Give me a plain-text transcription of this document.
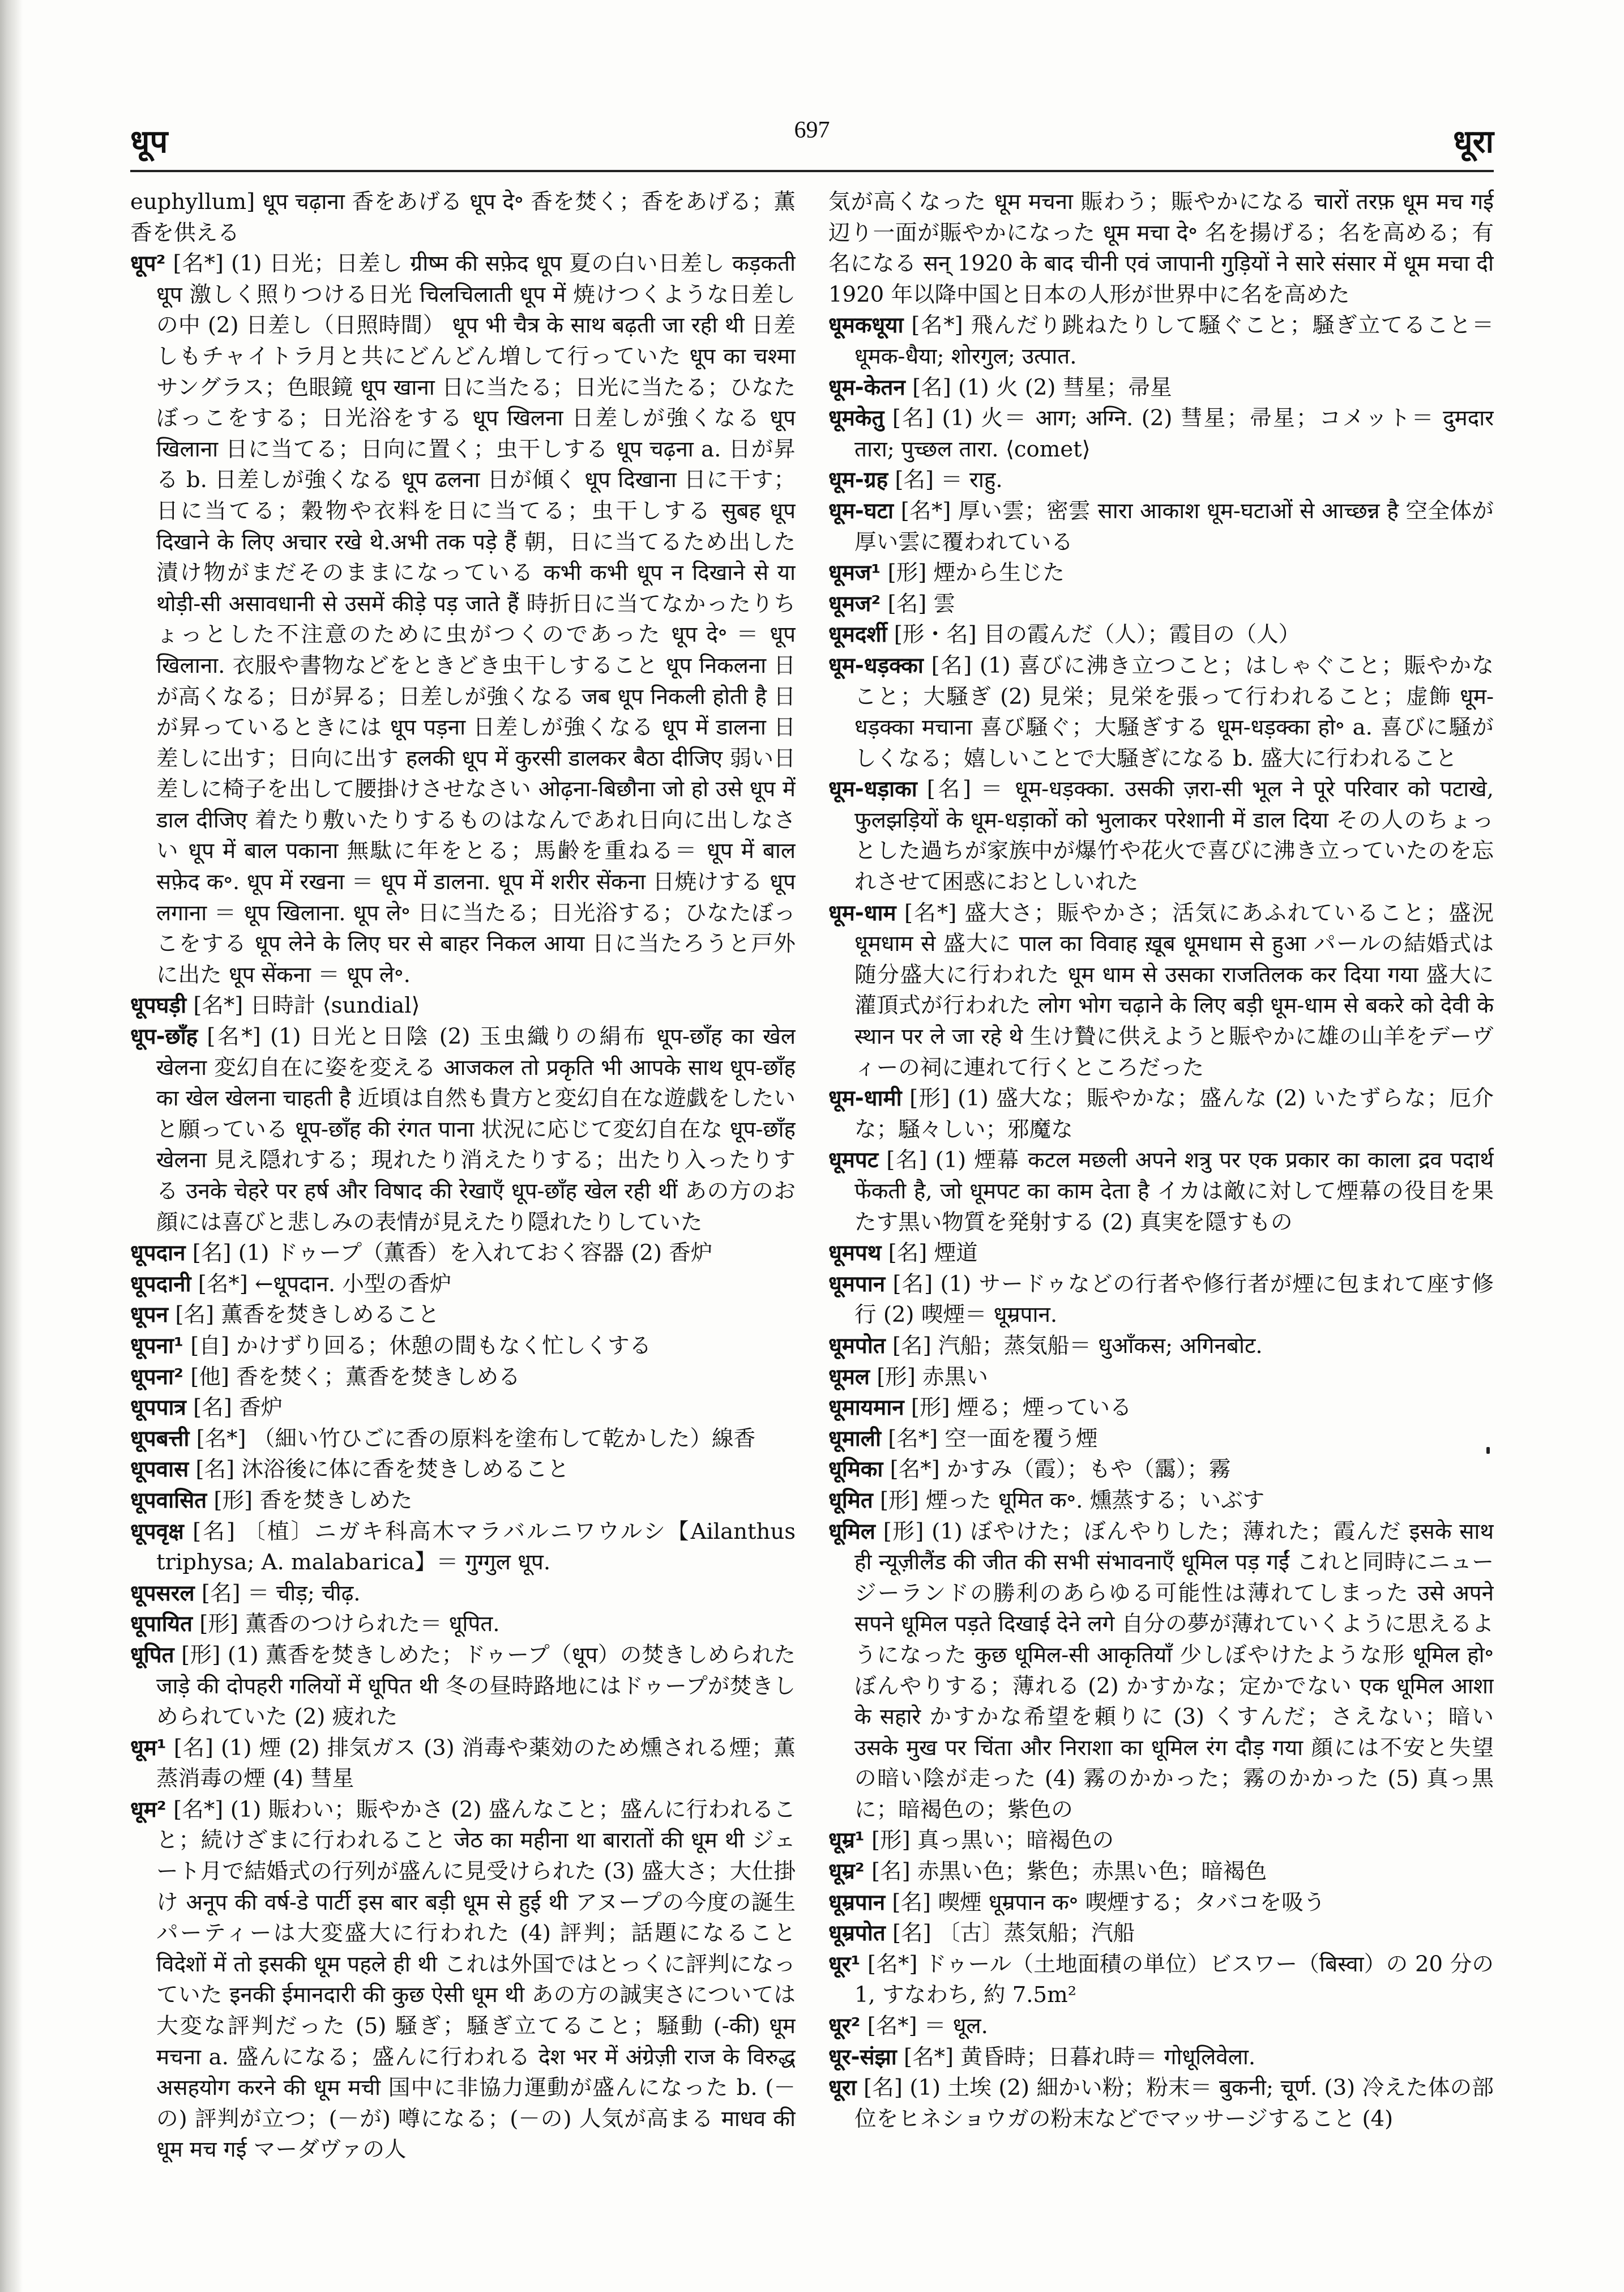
धूप	697	धूरा

euphyllum] धूप चढ़ाना 香をあげる धूप दे॰ 香を焚く；香をあげる；薫香を供える

धूप² [名*] (1) 日光；日差し ग्रीष्म की सफ़ेद धूप 夏の白い日差し कड़कती धूप 激しく照りつける日光 चिलचिलाती धूप में 焼けつくような日差しの中 (2) 日差し（日照時間） धूप भी चैत्र के साथ बढ़ती जा रही थी 日差しもチャイトラ月と共にどんどん増して行っていた धूप का चश्मा サングラス；色眼鏡 धूप खाना 日に当たる；日光に当たる；ひなたぼっこをする；日光浴をする धूप खिलना 日差しが強くなる धूप खिलाना 日に当てる；日向に置く；虫干しする धूप चढ़ना a. 日が昇る b. 日差しが強くなる धूप ढलना 日が傾く धूप दिखाना 日に干す；日に当てる；穀物や衣料を日に当てる；虫干しする सुबह धूप दिखाने के लिए अचार रखे थे.अभी तक पड़े हैं 朝，日に当てるため出した漬け物がまだそのままになっている कभी कभी धूप न दिखाने से या थोड़ी-सी असावधानी से उसमें कीड़े पड़ जाते हैं 時折日に当てなかったりちょっとした不注意のために虫がつくのであった धूप दे॰ ＝ धूप खिलाना. 衣服や書物などをときどき虫干しすること धूप निकलना 日が高くなる；日が昇る；日差しが強くなる जब धूप निकली होती है 日が昇っているときには धूप पड़ना 日差しが強くなる धूप में डालना 日差しに出す；日向に出す हलकी धूप में कुरसी डालकर बैठा दीजिए 弱い日差しに椅子を出して腰掛けさせなさい ओढ़ना-बिछौना जो हो उसे धूप में डाल दीजिए 着たり敷いたりするものはなんであれ日向に出しなさい धूप में बाल पकाना 無駄に年をとる；馬齢を重ねる＝ धूप में बाल सफ़ेद क॰. धूप में रखना ＝ धूप में डालना. धूप में शरीर सेंकना 日焼けする धूप लगाना ＝ धूप खिलाना. धूप ले॰ 日に当たる；日光浴する；ひなたぼっこをする धूप लेने के लिए घर से बाहर निकल आया 日に当たろうと戸外に出た धूप सेंकना ＝ धूप ले॰.

धूपघड़ी [名*] 日時計 ⟨sundial⟩

धूप-छाँह [名*] (1) 日光と日陰 (2) 玉虫織りの絹布 धूप-छाँह का खेल खेलना 変幻自在に姿を変える आजकल तो प्रकृति भी आपके साथ धूप-छाँह का खेल खेलना चाहती है 近頃は自然も貴方と変幻自在な遊戯をしたいと願っている धूप-छाँह की रंगत पाना 状況に応じて変幻自在な धूप-छाँह खेलना 見え隠れする；現れたり消えたりする；出たり入ったりする उनके चेहरे पर हर्ष और विषाद की रेखाएँ धूप-छाँह खेल रही थीं あの方のお顔には喜びと悲しみの表情が見えたり隠れたりしていた

धूपदान [名] (1) ドゥープ（薫香）を入れておく容器 (2) 香炉

धूपदानी [名*] ←धूपदान. 小型の香炉

धूपन [名] 薫香を焚きしめること

धूपना¹ [自] かけずり回る；休憩の間もなく忙しくする

धूपना² [他] 香を焚く；薫香を焚きしめる

धूपपात्र [名] 香炉

धूपबत्ती [名*] （細い竹ひごに香の原料を塗布して乾かした）線香

धूपवास [名] 沐浴後に体に香を焚きしめること

धूपवासित [形] 香を焚きしめた

धूपवृक्ष [名] 〔植〕ニガキ科高木マラバルニワウルシ【Ailanthus triphysa; A. malabarica】＝ गुग्गुल धूप.

धूपसरल [名] ＝ चीड़; चीढ़.

धूपायित [形] 薫香のつけられた＝ धूपित.

धूपित [形] (1) 薫香を焚きしめた；ドゥープ（धूप）の焚きしめられた जाड़े की दोपहरी गलियों में धूपित थी 冬の昼時路地にはドゥープが焚きしめられていた (2) 疲れた

धूम¹ [名] (1) 煙 (2) 排気ガス (3) 消毒や薬効のため燻される煙；薫蒸消毒の煙 (4) 彗星

धूम² [名*] (1) 賑わい；賑やかさ (2) 盛んなこと；盛んに行われること；続けざまに行われること जेठ का महीना था बारातों की धूम थी ジェート月で結婚式の行列が盛んに見受けられた (3) 盛大さ；大仕掛け अनूप की वर्ष-डे पार्टी इस बार बड़ी धूम से हुई थी アヌープの今度の誕生パーティーは大変盛大に行われた (4) 評判；話題になること विदेशों में तो इसकी धूम पहले ही थी これは外国ではとっくに評判になっていた इनकी ईमानदारी की कुछ ऐसी धूम थी あの方の誠実さについては大変な評判だった (5) 騒ぎ；騒ぎ立てること；騒動 (-की) धूम मचना a. 盛んになる；盛んに行われる देश भर में अंग्रेज़ी राज के विरुद्ध असहयोग करने की धूम मची 国中に非協力運動が盛んになった b. (－の) 評判が立つ；(－が) 噂になる；(－の) 人気が高まる माधव की धूम मच गई マーダヴァの人

気が高くなった धूम मचना 賑わう；賑やかになる चारों तरफ़ धूम मच गई 辺り一面が賑やかになった धूम मचा दे॰ 名を揚げる；名を高める；有名になる सन् 1920 के बाद चीनी एवं जापानी गुड़ियों ने सारे संसार में धूम मचा दी 1920 年以降中国と日本の人形が世界中に名を高めた

धूमकधूया [名*] 飛んだり跳ねたりして騒ぐこと；騒ぎ立てること＝ धूमक-धैया; शोरगुल; उत्पात.

धूम-केतन [名] (1) 火 (2) 彗星；帚星

धूमकेतु [名] (1) 火＝ आग; अग्नि. (2) 彗星；帚星；コメット＝ दुमदार तारा; पुच्छल तारा. ⟨comet⟩

धूम-ग्रह [名] ＝ राहु.

धूम-घटा [名*] 厚い雲；密雲 सारा आकाश धूम-घटाओं से आच्छन्न है 空全体が厚い雲に覆われている

धूमज¹ [形] 煙から生じた

धूमज² [名] 雲

धूमदर्शी [形・名] 目の霞んだ（人）；霞目の（人）

धूम-धड़क्का [名] (1) 喜びに沸き立つこと；はしゃぐこと；賑やかなこと；大騒ぎ (2) 見栄；見栄を張って行われること；虚飾 धूम-धड़क्का मचाना 喜び騒ぐ；大騒ぎする धूम-धड़क्का हो॰ a. 喜びに騒がしくなる；嬉しいことで大騒ぎになる b. 盛大に行われること

धूम-धड़ाका [名] ＝ धूम-धड़क्का. उसकी ज़रा-सी भूल ने पूरे परिवार को पटाखे, फुलझड़ियों के धूम-धड़ाकों को भुलाकर परेशानी में डाल दिया その人のちょっとした過ちが家族中が爆竹や花火で喜びに沸き立っていたのを忘れさせて困惑におとしいれた

धूम-धाम [名*] 盛大さ；賑やかさ；活気にあふれていること；盛況 धूमधाम से 盛大に पाल का विवाह ख़ूब धूमधाम से हुआ パールの結婚式は随分盛大に行われた धूम धाम से उसका राजतिलक कर दिया गया 盛大に灌頂式が行われた लोग भोग चढ़ाने के लिए बड़ी धूम-धाम से बकरे को देवी के स्थान पर ले जा रहे थे 生け贄に供えようと賑やかに雄の山羊をデーヴィーの祠に連れて行くところだった

धूम-धामी [形] (1) 盛大な；賑やかな；盛んな (2) いたずらな；厄介な；騒々しい；邪魔な

धूमपट [名] (1) 煙幕 कटल मछली अपने शत्रु पर एक प्रकार का काला द्रव पदार्थ फेंकती है, जो धूमपट का काम देता है イカは敵に対して煙幕の役目を果たす黒い物質を発射する (2) 真実を隠すもの

धूमपथ [名] 煙道

धूमपान [名] (1) サードゥなどの行者や修行者が煙に包まれて座す修行 (2) 喫煙＝ धूम्रपान.

धूमपोत [名] 汽船；蒸気船＝ धुआँकस; अगिनबोट.

धूमल [形] 赤黒い

धूमायमान [形] 煙る；煙っている

धूमाली [名*] 空一面を覆う煙

धूमिका [名*] かすみ（霞）；もや（靄）；霧

धूमित [形] 煙った धूमित क॰. 燻蒸する；いぶす

धूमिल [形] (1) ぼやけた；ぼんやりした；薄れた；霞んだ इसके साथ ही न्यूज़ीलैंड की जीत की सभी संभावनाएँ धूमिल पड़ गईं これと同時にニュージーランドの勝利のあらゆる可能性は薄れてしまった उसे अपने सपने धूमिल पड़ते दिखाई देने लगे 自分の夢が薄れていくように思えるようになった कुछ धूमिल-सी आकृतियाँ 少しぼやけたような形 धूमिल हो॰ ぼんやりする；薄れる (2) かすかな；定かでない एक धूमिल आशा के सहारे かすかな希望を頼りに (3) くすんだ；さえない；暗い उसके मुख पर चिंता और निराशा का धूमिल रंग दौड़ गया 顔には不安と失望の暗い陰が走った (4) 霧のかかった；霧のかかった (5) 真っ黒に；暗褐色の；紫色の

धूम्र¹ [形] 真っ黒い；暗褐色の

धूम्र² [名] 赤黒い色；紫色；赤黒い色；暗褐色

धूम्रपान [名] 喫煙 धूम्रपान क॰ 喫煙する；タバコを吸う

धूम्रपोत [名] 〔古〕蒸気船；汽船

धूर¹ [名*] ドゥール（土地面積の単位）ビスワー（बिस्वा）の 20 分の 1, すなわち, 約 7.5m²

धूर² [名*] ＝ धूल.

धूर-संझा [名*] 黄昏時；日暮れ時＝ गोधूलिवेला.

धूरा [名] (1) 土埃 (2) 細かい粉；粉末＝ बुकनी; चूर्ण. (3) 冷えた体の部位をヒネショウガの粉末などでマッサージすること (4)
